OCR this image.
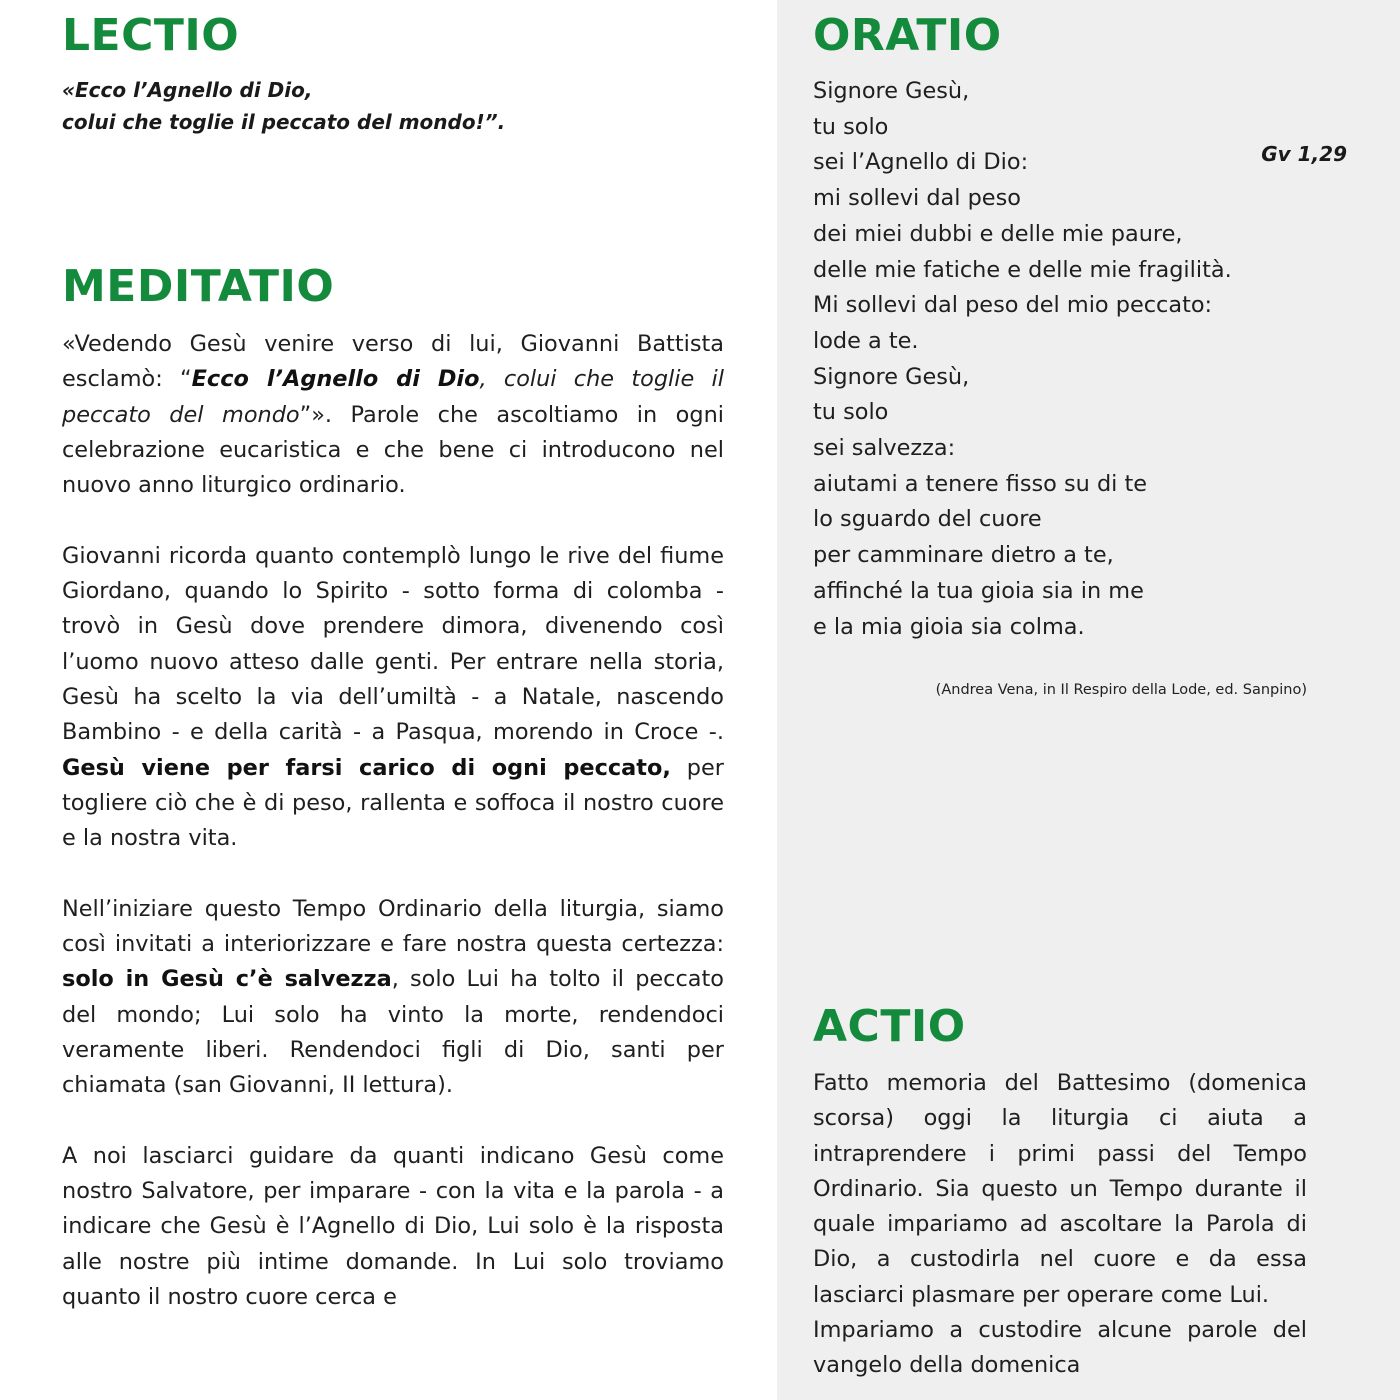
LECTIO
«Ecco l’Agnello di Dio,
colui che toglie il peccato del mondo!”.
Gv 1,29
MEDITATIO

«Vedendo Gesù venire verso di lui, Giovanni Battista esclamò: “Ecco l’Agnello di Dio, colui che toglie il peccato del mondo”». Parole che ascoltiamo in ogni celebrazione eucaristica e che bene ci introducono nel nuovo anno liturgico ordinario.

Giovanni ricorda quanto contemplò lungo le rive del fiume Giordano, quando lo Spirito - sotto forma di colomba - trovò in Gesù dove prendere dimora, divenendo così l’uomo nuovo atteso dalle genti. Per entrare nella storia, Gesù ha scelto la via dell’umiltà - a Natale, nascendo Bambino - e della carità - a Pasqua, morendo in Croce -. Gesù viene per farsi carico di ogni peccato, per togliere ciò che è di peso, rallenta e soffoca il nostro cuore e la nostra vita.

Nell’iniziare questo Tempo Ordinario della liturgia, siamo così invitati a interiorizzare e fare nostra questa certezza: solo in Gesù c’è salvezza, solo Lui ha tolto il peccato del mondo; Lui solo ha vinto la morte, rendendoci veramente liberi. Rendendoci figli di Dio, santi per chiamata (san Giovanni, II lettura).

A noi lasciarci guidare da quanti indicano Gesù come nostro Salvatore, per imparare - con la vita e la parola - a indicare che Gesù è l’Agnello di Dio, Lui solo è la risposta alle nostre più intime domande. In Lui solo troviamo quanto il nostro cuore cerca e

ORATIO
Signore Gesù,
tu solo
sei l’Agnello di Dio:
mi sollevi dal peso
dei miei dubbi e delle mie paure,
delle mie fatiche e delle mie fragilità.
Mi sollevi dal peso del mio peccato:
lode a te.
Signore Gesù,
tu solo
sei salvezza:
aiutami a tenere fisso su di te
lo sguardo del cuore
per camminare dietro a te,
affinché la tua gioia sia in me
e la mia gioia sia colma.
(Andrea Vena, in Il Respiro della Lode, ed. Sanpino)
ACTIO

Fatto memoria del Battesimo (domenica scorsa) oggi la liturgia ci aiuta a intraprendere i primi passi del Tempo Ordinario. Sia questo un Tempo durante il quale impariamo ad ascoltare la Parola di Dio, a custodirla nel cuore e da essa lasciarci plasmare per operare come Lui.

Impariamo a custodire alcune parole del vangelo della domenica
